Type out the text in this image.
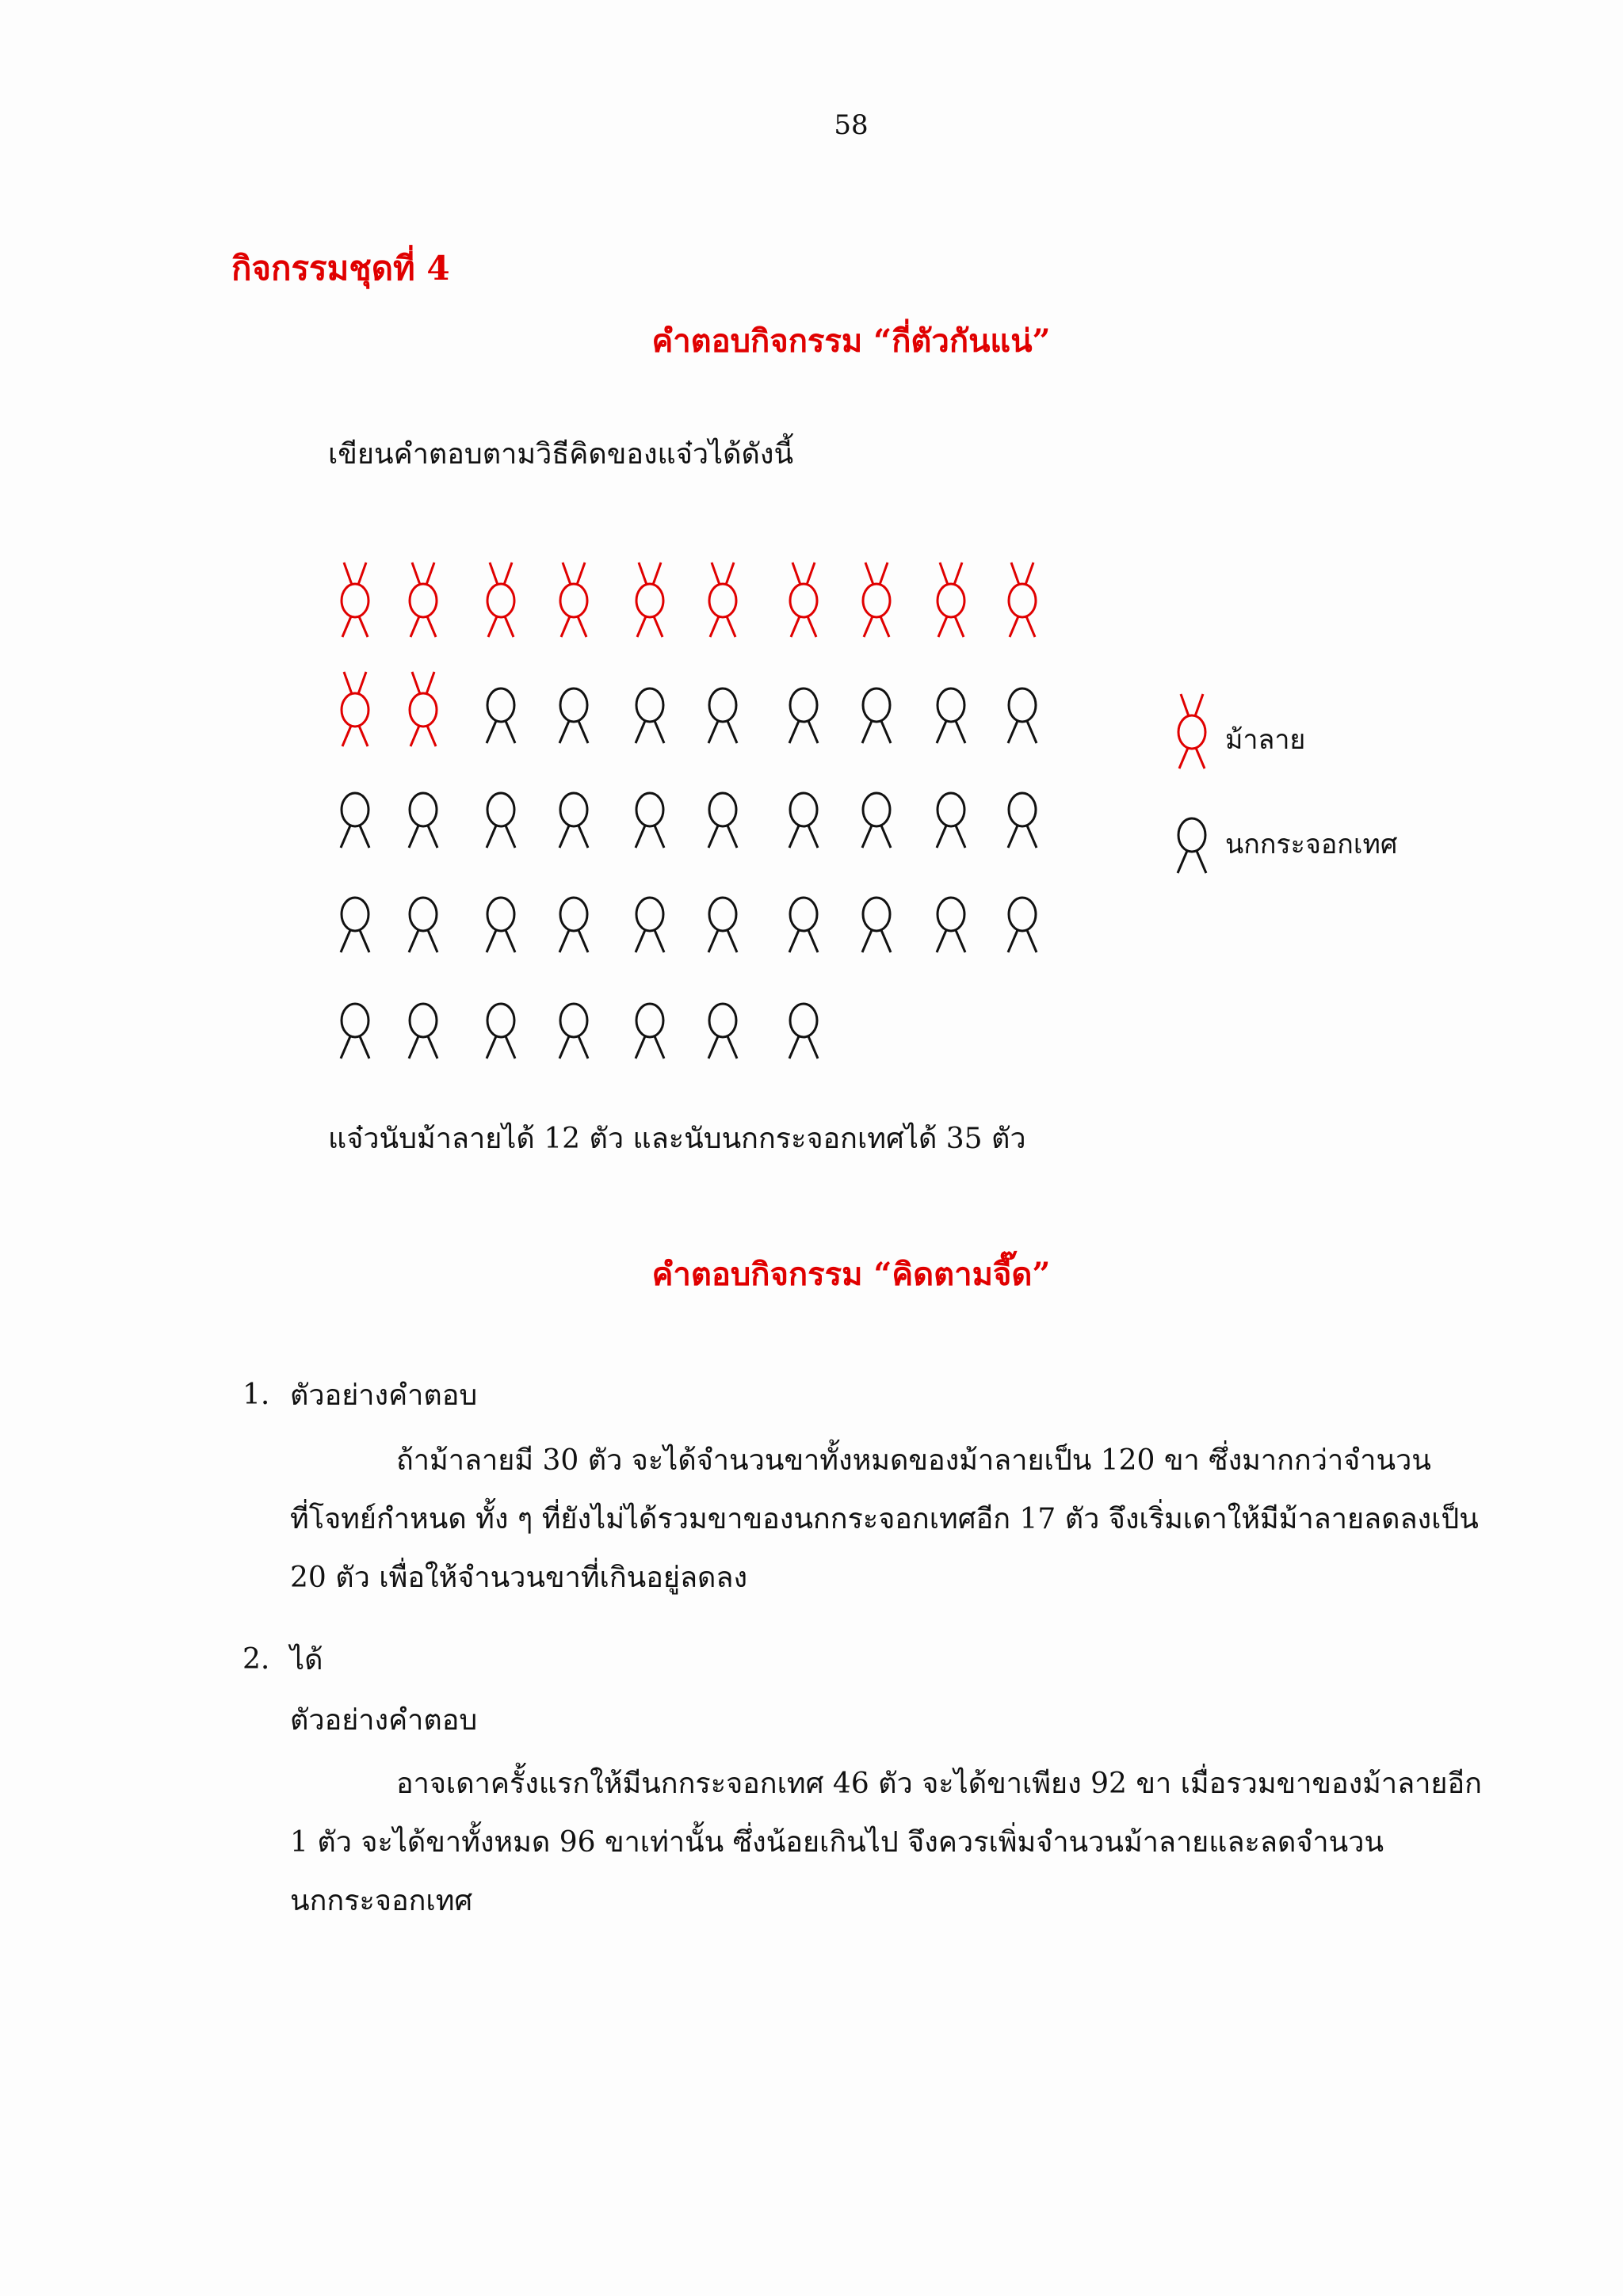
58
กิจกรรมชุดที่ 4
คำตอบกิจกรรม “กี่ตัวกันแน่”
เขียนคำตอบตามวิธีคิดของแจ๋วได้ดังนี้
ม้าลาย
นกกระจอกเทศ
แจ๋วนับม้าลายได้ 12 ตัว และนับนกกระจอกเทศได้ 35 ตัว
คำตอบกิจกรรม “คิดตามจี๊ด”
1. ตัวอย่างคำตอบ
ถ้าม้าลายมี 30 ตัว จะได้จำนวนขาทั้งหมดของม้าลายเป็น 120 ขา ซึ่งมากกว่าจำนวน
ที่โจทย์กำหนด ทั้ง ๆ ที่ยังไม่ได้รวมขาของนกกระจอกเทศอีก 17 ตัว จึงเริ่มเดาให้มีม้าลายลดลงเป็น
20 ตัว เพื่อให้จำนวนขาที่เกินอยู่ลดลง
2. ได้
ตัวอย่างคำตอบ
อาจเดาครั้งแรกให้มีนกกระจอกเทศ 46 ตัว จะได้ขาเพียง 92 ขา เมื่อรวมขาของม้าลายอีก
1 ตัว จะได้ขาทั้งหมด 96 ขาเท่านั้น ซึ่งน้อยเกินไป จึงควรเพิ่มจำนวนม้าลายและลดจำนวน
นกกระจอกเทศ
